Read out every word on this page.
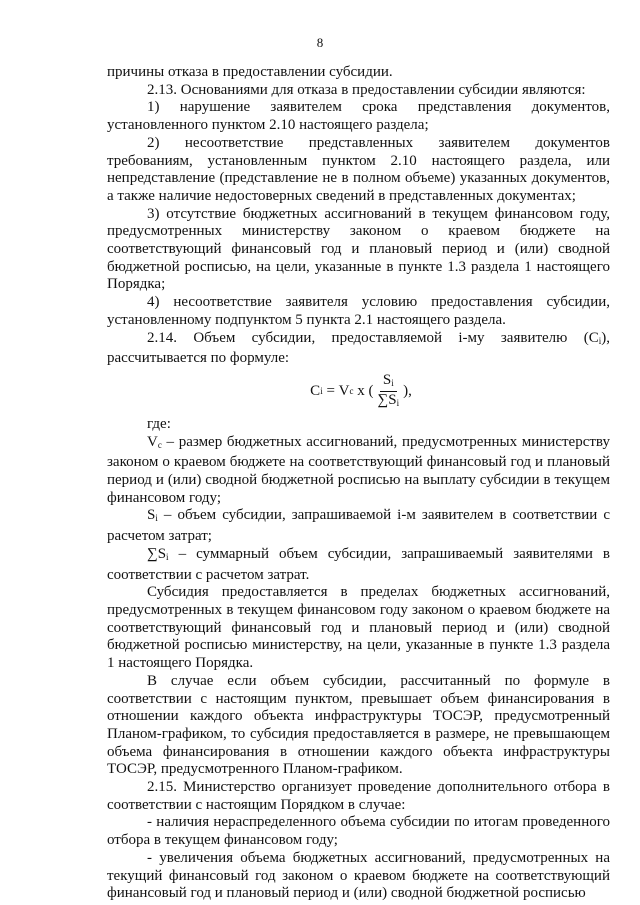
8

причины отказа в предоставлении субсидии.

2.13. Основаниями для отказа в предоставлении субсидии являются:

1) нарушение заявителем срока представления документов, установленного пунктом 2.10 настоящего раздела;

2) несоответствие представленных заявителем документов требованиям, установленным пунктом 2.10 настоящего раздела, или непредставление (представление не в полном объеме) указанных документов, а также наличие недостоверных сведений в представленных документах;

3) отсутствие бюджетных ассигнований в текущем финансовом году, предусмотренных министерству законом о краевом бюджете на соответствующий финансовый год и плановый период и (или) сводной бюджетной росписью, на цели, указанные в пункте 1.3 раздела 1 настоящего Порядка;

4) несоответствие заявителя условию предоставления субсидии, установленному подпунктом 5 пункта 2.1 настоящего раздела.

2.14. Объем субсидии, предоставляемой i-му заявителю $(C_i)$, рассчитывается по формуле:

C i = V c x ( $\frac{S_i}{\sum S_i}$ ),

где:

$V_c$ – размер бюджетных ассигнований, предусмотренных министерству законом о краевом бюджете на соответствующий финансовый год и плановый период и (или) сводной бюджетной росписью на выплату субсидии в текущем финансовом году;

$S_i$ – объем субсидии, запрашиваемой i-м заявителем в соответствии с расчетом затрат;

$\sum S_i$ – суммарный объем субсидии, запрашиваемый заявителями в соответствии с расчетом затрат.

Субсидия предоставляется в пределах бюджетных ассигнований, предусмотренных в текущем финансовом году законом о краевом бюджете на соответствующий финансовый год и плановый период и (или) сводной бюджетной росписью министерству, на цели, указанные в пункте 1.3 раздела 1 настоящего Порядка.

В случае если объем субсидии, рассчитанный по формуле в соответствии с настоящим пунктом, превышает объем финансирования в отношении каждого объекта инфраструктуры ТОСЭР, предусмотренный Планом-графиком, то субсидия предоставляется в размере, не превышающем объема финансирования в отношении каждого объекта инфраструктуры ТОСЭР, предусмотренного Планом-графиком.

2.15. Министерство организует проведение дополнительного отбора в соответствии с настоящим Порядком в случае:

- наличия нераспределенного объема субсидии по итогам проведенного отбора в текущем финансовом году;

- увеличения объема бюджетных ассигнований, предусмотренных на текущий финансовый год законом о краевом бюджете на соответствующий финансовый год и плановый период и (или) сводной бюджетной росписью
